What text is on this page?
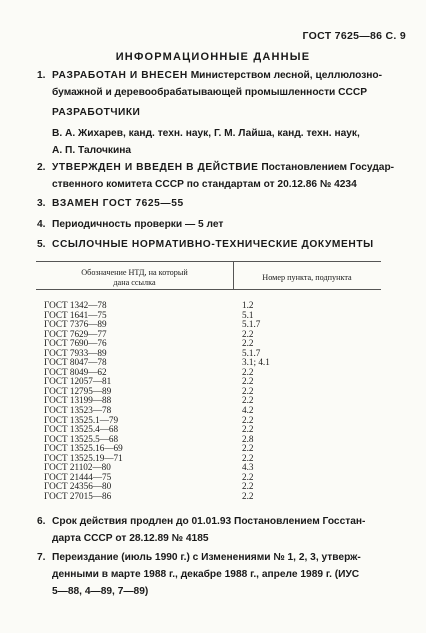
ГОСТ 7625—86 С. 9
ИНФОРМАЦИОННЫЕ ДАННЫЕ
1. РАЗРАБОТАН И ВНЕСЕН Министерством лесной, целлюлозно-
бумажной и деревообрабатывающей промышленности СССР
РАЗРАБОТЧИКИ
В. А. Жихарев, канд. техн. наук, Г. М. Лайша, канд. техн. наук,
А. П. Талочкина
2. УТВЕРЖДЕН И ВВЕДЕН В ДЕЙСТВИЕ Постановлением Государ-
ственного комитета СССР по стандартам от 20.12.86 № 4234
3. ВЗАМЕН ГОСТ 7625—55
4. Периодичность проверки — 5 лет
5. ССЫЛОЧНЫЕ НОРМАТИВНО-ТЕХНИЧЕСКИЕ ДОКУМЕНТЫ
Обозначение НТД, на который
дана ссылка
Номер пункта, подпункта
ГОСТ 1342—78	1.2
ГОСТ 1641—75	5.1
ГОСТ 7376—89	5.1.7
ГОСТ 7629—77	2.2
ГОСТ 7690—76	2.2
ГОСТ 7933—89	5.1.7
ГОСТ 8047—78	3.1; 4.1
ГОСТ 8049—62	2.2
ГОСТ 12057—81	2.2
ГОСТ 12795—89	2.2
ГОСТ 13199—88	2.2
ГОСТ 13523—78	4.2
ГОСТ 13525.1—79	2.2
ГОСТ 13525.4—68	2.2
ГОСТ 13525.5—68	2.8
ГОСТ 13525.16—69	2.2
ГОСТ 13525.19—71	2.2
ГОСТ 21102—80	4.3
ГОСТ 21444—75	2.2
ГОСТ 24356—80	2.2
ГОСТ 27015—86	2.2
6. Срок действия продлен до 01.01.93 Постановлением Госстан-
дарта СССР от 28.12.89 № 4185
7. Переиздание (июль 1990 г.) с Изменениями № 1, 2, 3, утверж-
денными в марте 1988 г., декабре 1988 г., апреле 1989 г. (ИУС
5—88, 4—89, 7—89)
